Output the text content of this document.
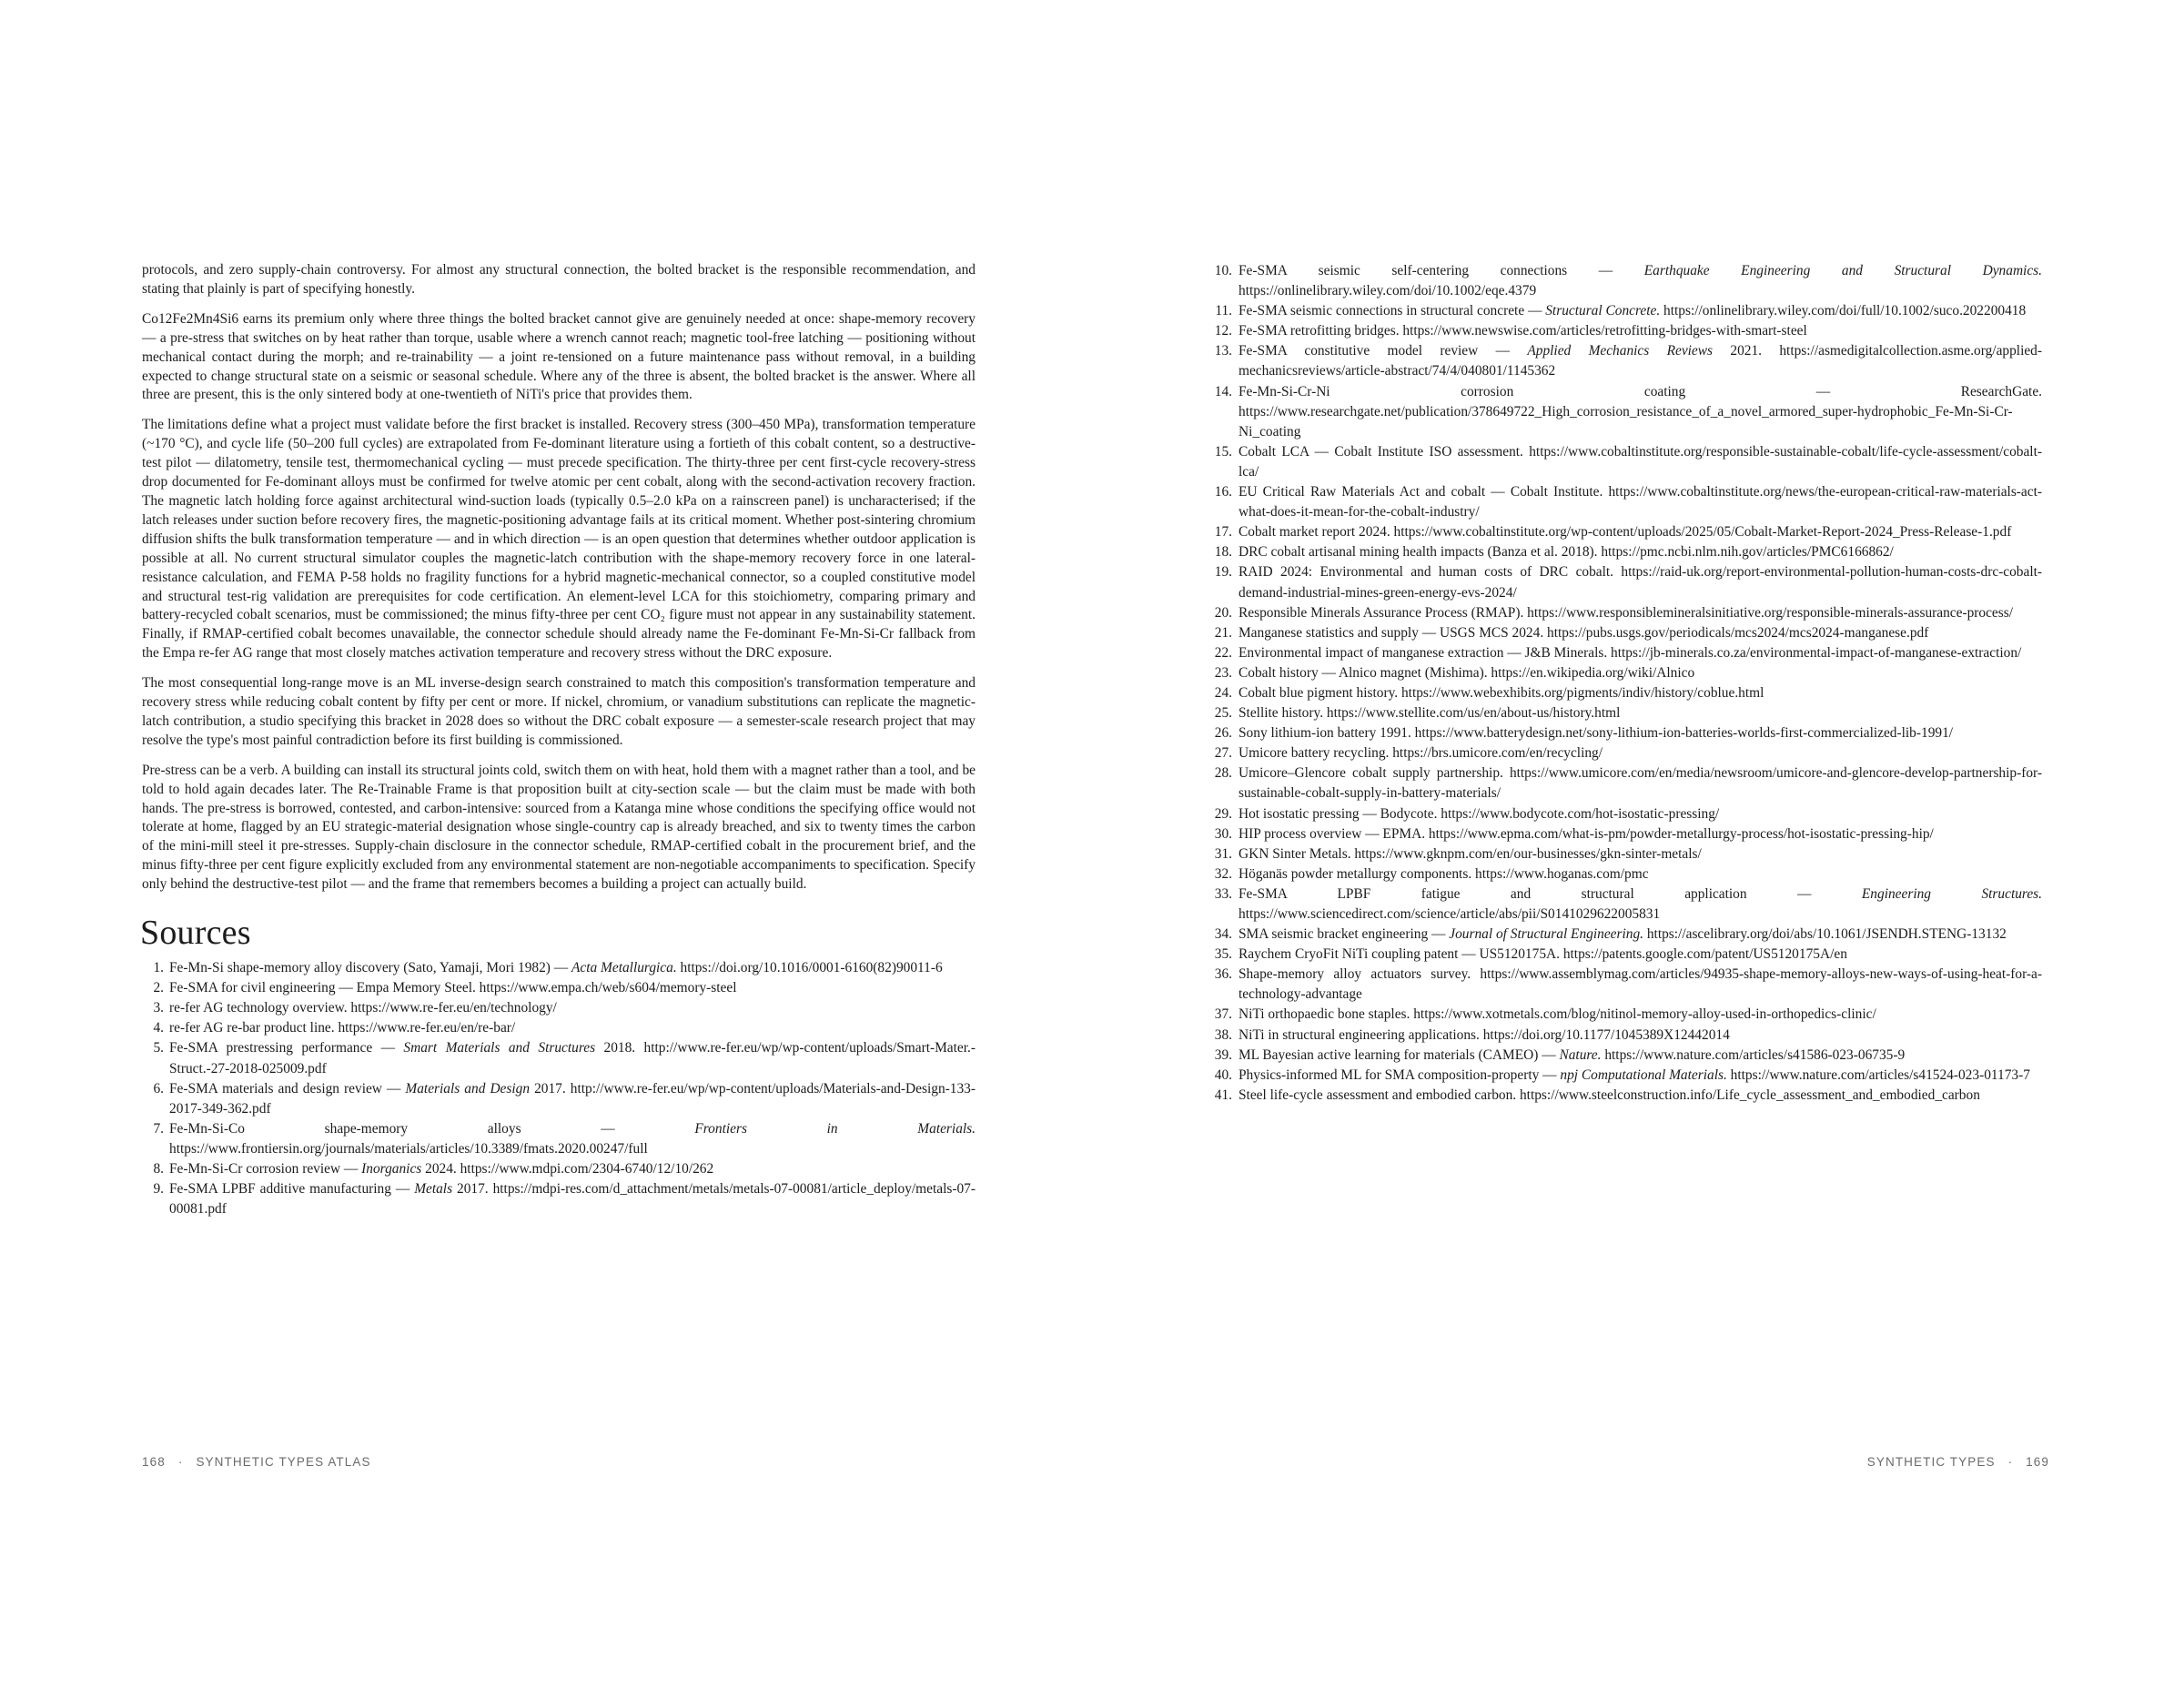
protocols, and zero supply-chain controversy. For almost any structural connection, the bolted bracket is the responsible recommendation, and stating that plainly is part of specifying honestly.

Co12Fe2Mn4Si6 earns its premium only where three things the bolted bracket cannot give are genuinely needed at once: shape-memory recovery — a pre-stress that switches on by heat rather than torque, usable where a wrench cannot reach; magnetic tool-free latching — positioning without mechanical contact during the morph; and re-trainability — a joint re-tensioned on a future maintenance pass without removal, in a building expected to change structural state on a seismic or seasonal schedule. Where any of the three is absent, the bolted bracket is the answer. Where all three are present, this is the only sintered body at one-twentieth of NiTi's price that provides them.

The limitations define what a project must validate before the first bracket is installed. Recovery stress (300–450 MPa), transformation temperature (~170 °C), and cycle life (50–200 full cycles) are extrapolated from Fe-dominant literature using a fortieth of this cobalt content, so a destructive-test pilot — dilatometry, tensile test, thermomechanical cycling — must precede specification. The thirty-three per cent first-cycle recovery-stress drop documented for Fe-dominant alloys must be confirmed for twelve atomic per cent cobalt, along with the second-activation recovery fraction. The magnetic latch holding force against architectural wind-suction loads (typically 0.5–2.0 kPa on a rainscreen panel) is uncharacterised; if the latch releases under suction before recovery fires, the magnetic-positioning advantage fails at its critical moment. Whether post-sintering chromium diffusion shifts the bulk transformation temperature — and in which direction — is an open question that determines whether outdoor application is possible at all. No current structural simulator couples the magnetic-latch contribution with the shape-memory recovery force in one lateral-resistance calculation, and FEMA P-58 holds no fragility functions for a hybrid magnetic-mechanical connector, so a coupled constitutive model and structural test-rig validation are prerequisites for code certification. An element-level LCA for this stoichiometry, comparing primary and battery-recycled cobalt scenarios, must be commissioned; the minus fifty-three per cent CO₂ figure must not appear in any sustainability statement. Finally, if RMAP-certified cobalt becomes unavailable, the connector schedule should already name the Fe-dominant Fe-Mn-Si-Cr fallback from the Empa re-fer AG range that most closely matches activation temperature and recovery stress without the DRC exposure.

The most consequential long-range move is an ML inverse-design search constrained to match this composition's transformation temperature and recovery stress while reducing cobalt content by fifty per cent or more. If nickel, chromium, or vanadium substitutions can replicate the magnetic-latch contribution, a studio specifying this bracket in 2028 does so without the DRC cobalt exposure — a semester-scale research project that may resolve the type's most painful contradiction before its first building is commissioned.

Pre-stress can be a verb. A building can install its structural joints cold, switch them on with heat, hold them with a magnet rather than a tool, and be told to hold again decades later. The Re-Trainable Frame is that proposition built at city-section scale — but the claim must be made with both hands. The pre-stress is borrowed, contested, and carbon-intensive: sourced from a Katanga mine whose conditions the specifying office would not tolerate at home, flagged by an EU strategic-material designation whose single-country cap is already breached, and six to twenty times the carbon of the mini-mill steel it pre-stresses. Supply-chain disclosure in the connector schedule, RMAP-certified cobalt in the procurement brief, and the minus fifty-three per cent figure explicitly excluded from any environmental statement are non-negotiable accompaniments to specification. Specify only behind the destructive-test pilot — and the frame that remembers becomes a building a project can actually build.

Sources
1. Fe-Mn-Si shape-memory alloy discovery (Sato, Yamaji, Mori 1982) — Acta Metallurgica. https://doi.org/10.1016/0001-6160(82)90011-6
2. Fe-SMA for civil engineering — Empa Memory Steel. https://www.empa.ch/web/s604/memory-steel
3. re-fer AG technology overview. https://www.re-fer.eu/en/technology/
4. re-fer AG re-bar product line. https://www.re-fer.eu/en/re-bar/
5. Fe-SMA prestressing performance — Smart Materials and Structures 2018. http://www.re-fer.eu/wp/wp-content/uploads/Smart-Mater.-Struct.-27-2018-025009.pdf
6. Fe-SMA materials and design review — Materials and Design 2017. http://www.re-fer.eu/wp/wp-content/uploads/Materials-and-Design-133-2017-349-362.pdf
7. Fe-Mn-Si-Co shape-memory alloys — Frontiers in Materials. https://www.frontiersin.org/journals/materials/articles/10.3389/fmats.2020.00247/full
8. Fe-Mn-Si-Cr corrosion review — Inorganics 2024. https://www.mdpi.com/2304-6740/12/10/262
9. Fe-SMA LPBF additive manufacturing — Metals 2017. https://mdpi-res.com/d_attachment/metals/metals-07-00081/article_deploy/metals-07-00081.pdf
168 · SYNTHETIC TYPES ATLAS
10. Fe-SMA seismic self-centering connections — Earthquake Engineering and Structural Dynamics. https://onlinelibrary.wiley.com/doi/10.1002/eqe.4379
11. Fe-SMA seismic connections in structural concrete — Structural Concrete. https://onlinelibrary.wiley.com/doi/full/10.1002/suco.202200418
12. Fe-SMA retrofitting bridges. https://www.newswise.com/articles/retrofitting-bridges-with-smart-steel
13. Fe-SMA constitutive model review — Applied Mechanics Reviews 2021. https://asmedigitalcollection.asme.org/applied-mechanicsreviews/article-abstract/74/4/040801/1145362
14. Fe-Mn-Si-Cr-Ni corrosion coating — ResearchGate. https://www.researchgate.net/publication/378649722_High_corrosion_resistance_of_a_novel_armored_super-hydrophobic_Fe-Mn-Si-Cr-Ni_coating
15. Cobalt LCA — Cobalt Institute ISO assessment. https://www.cobaltinstitute.org/responsible-sustainable-cobalt/life-cycle-assessment/cobalt-lca/
16. EU Critical Raw Materials Act and cobalt — Cobalt Institute. https://www.cobaltinstitute.org/news/the-european-critical-raw-materials-act-what-does-it-mean-for-the-cobalt-industry/
17. Cobalt market report 2024. https://www.cobaltinstitute.org/wp-content/uploads/2025/05/Cobalt-Market-Report-2024_Press-Release-1.pdf
18. DRC cobalt artisanal mining health impacts (Banza et al. 2018). https://pmc.ncbi.nlm.nih.gov/articles/PMC6166862/
19. RAID 2024: Environmental and human costs of DRC cobalt. https://raid-uk.org/report-environmental-pollution-human-costs-drc-cobalt-demand-industrial-mines-green-energy-evs-2024/
20. Responsible Minerals Assurance Process (RMAP). https://www.responsiblemineralsinitiative.org/responsible-minerals-assurance-process/
21. Manganese statistics and supply — USGS MCS 2024. https://pubs.usgs.gov/periodicals/mcs2024/mcs2024-manganese.pdf
22. Environmental impact of manganese extraction — J&B Minerals. https://jb-minerals.co.za/environmental-impact-of-manganese-extraction/
23. Cobalt history — Alnico magnet (Mishima). https://en.wikipedia.org/wiki/Alnico
24. Cobalt blue pigment history. https://www.webexhibits.org/pigments/indiv/history/coblue.html
25. Stellite history. https://www.stellite.com/us/en/about-us/history.html
26. Sony lithium-ion battery 1991. https://www.batterydesign.net/sony-lithium-ion-batteries-worlds-first-commercialized-lib-1991/
27. Umicore battery recycling. https://brs.umicore.com/en/recycling/
28. Umicore–Glencore cobalt supply partnership. https://www.umicore.com/en/media/newsroom/umicore-and-glencore-develop-partnership-for-sustainable-cobalt-supply-in-battery-materials/
29. Hot isostatic pressing — Bodycote. https://www.bodycote.com/hot-isostatic-pressing/
30. HIP process overview — EPMA. https://www.epma.com/what-is-pm/powder-metallurgy-process/hot-isostatic-pressing-hip/
31. GKN Sinter Metals. https://www.gknpm.com/en/our-businesses/gkn-sinter-metals/
32. Höganäs powder metallurgy components. https://www.hoganas.com/pmc
33. Fe-SMA LPBF fatigue and structural application — Engineering Structures. https://www.sciencedirect.com/science/article/abs/pii/S0141029622005831
34. SMA seismic bracket engineering — Journal of Structural Engineering. https://ascelibrary.org/doi/abs/10.1061/JSENDH.STENG-13132
35. Raychem CryoFit NiTi coupling patent — US5120175A. https://patents.google.com/patent/US5120175A/en
36. Shape-memory alloy actuators survey. https://www.assemblymag.com/articles/94935-shape-memory-alloys-new-ways-of-using-heat-for-a-technology-advantage
37. NiTi orthopaedic bone staples. https://www.xotmetals.com/blog/nitinol-memory-alloy-used-in-orthopedics-clinic/
38. NiTi in structural engineering applications. https://doi.org/10.1177/1045389X12442014
39. ML Bayesian active learning for materials (CAMEO) — Nature. https://www.nature.com/articles/s41586-023-06735-9
40. Physics-informed ML for SMA composition-property — npj Computational Materials. https://www.nature.com/articles/s41524-023-01173-7
41. Steel life-cycle assessment and embodied carbon. https://www.steelconstruction.info/Life_cycle_assessment_and_embodied_carbon
SYNTHETIC TYPES · 169
